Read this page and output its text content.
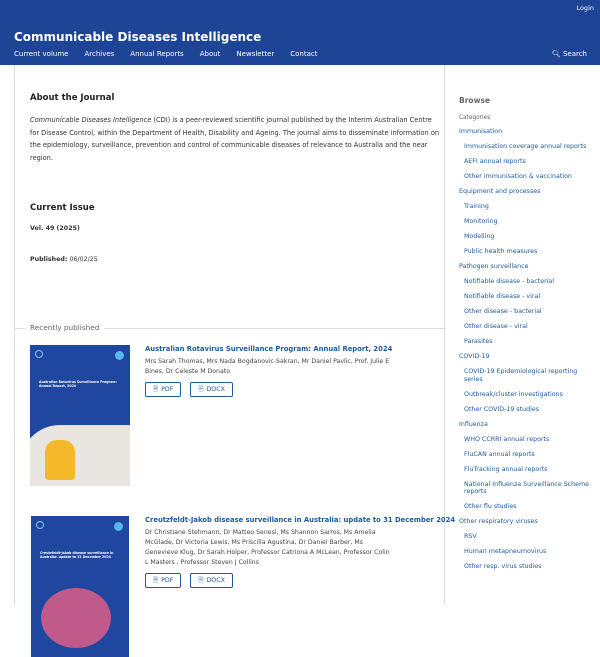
Login
Communicable Diseases Intelligence
Current volume Archives Annual Reports About Newsletter Contact	🔍︎ Search
About the Journal
Communicable Diseases Intelligence (CDI) is a peer-reviewed scientific journal published by the Interim Australian Centre for Disease Control, within the Department of Health, Disability and Ageing. The journal aims to disseminate information on the epidemiology, surveillance, prevention and control of communicable diseases of relevance to Australia and the near region.
Current Issue
Vol. 49 (2025)
Published: 06/02/25
Recently published
Australian Rotavirus Surveillance Program: Annual Report, 2024
Australian Rotavirus Surveillance Program: Annual Report, 2024
Mrs Sarah Thomas, Mrs Nada Bogdanovic-Sakran, Mr Daniel Pavlic, Prof. Julie E Bines, Dr Celeste M Donato
🗎︎ PDF	🗎︎ DOCX
Creutzfeldt-Jakob disease surveillance in Australia: update to 31 December 2024
Creutzfeldt-Jakob disease surveillance in Australia: update to 31 December 2024
Dr Christiane Stehmann, Dr Matteo Senesi, Ms Shannon Sarros, Ms Amelia McGlade, Dr Victoria Lewis, Ms Priscilla Agustina, Dr Daniel Barber, Ms Genevieve Klug, Dr Sarah Holper, Professor Catriona A McLean, Professor Colin L Masters , Professor Steven J Collins
🗎︎ PDF	🗎︎ DOCX
Browse
Categories
Immunisation
Immunisation coverage annual reports
AEFI annual reports
Other immunisation & vaccination
Equipment and processes
Training
Monitoring
Modelling
Public health measures
Pathogen surveillance
Notifiable disease - bacterial
Notifiable disease - viral
Other disease - bacterial
Other disease - viral
Parasites
COVID-19
COVID-19 Epidemiological reporting series
Outbreak/cluster investigations
Other COVID-19 studies
Influenza
WHO CCRRI annual reports
FluCAN annual reports
FluTracking annual reports
National Influenza Surveillance Scheme reports
Other flu studies
Other respiratory viruses
RSV
Human metapneumovirus
Other resp. virus studies
